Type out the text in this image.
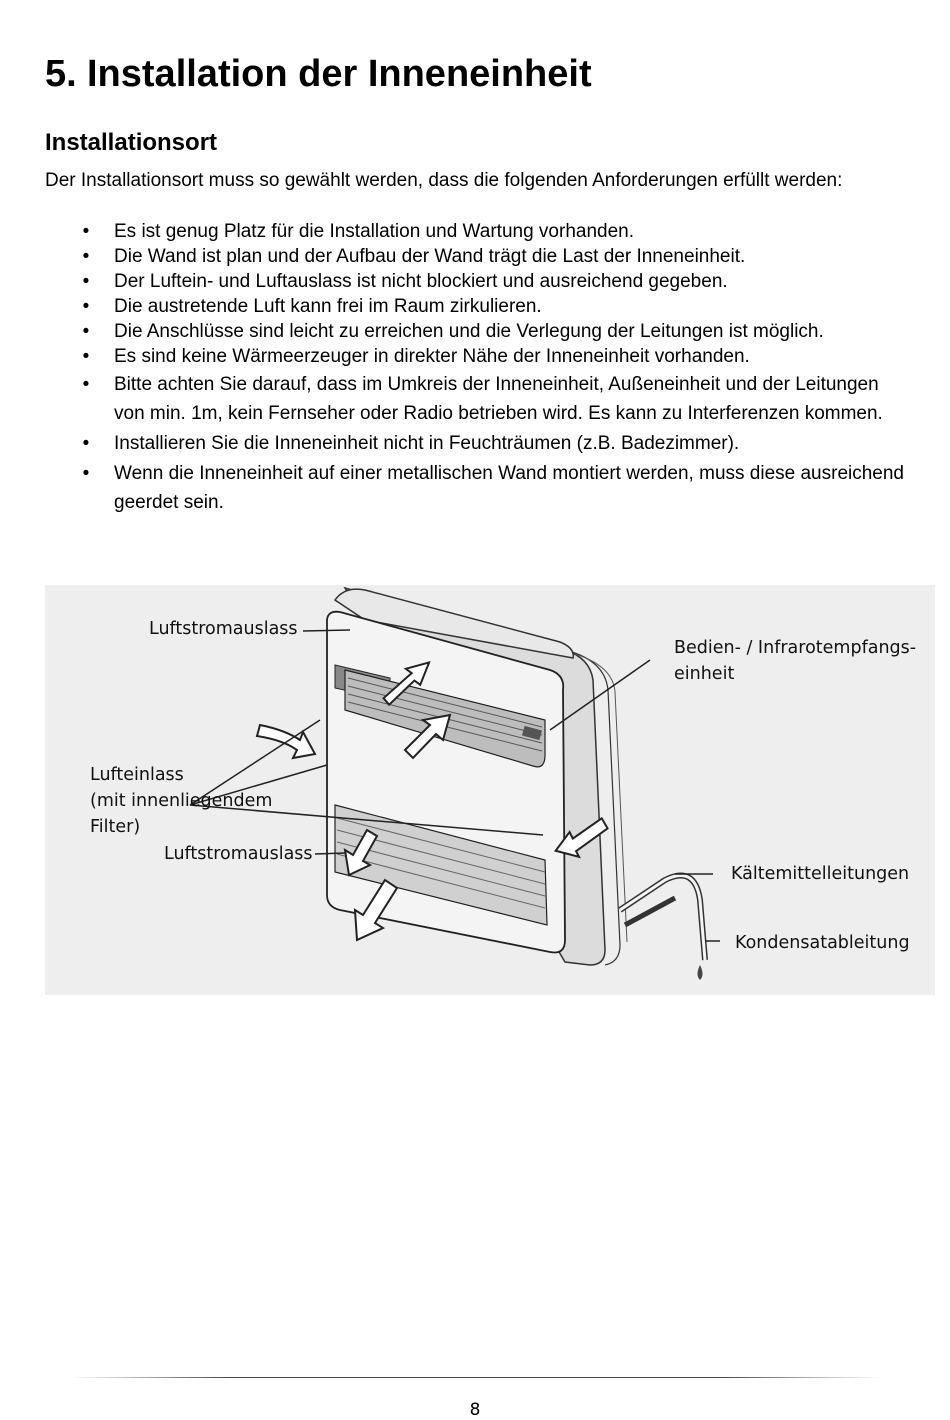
5. Installation der Inneneinheit
Installationsort

Der Installationsort muss so gewählt werden, dass die folgenden Anforderungen erfüllt werden:

• Es ist genug Platz für die Installation und Wartung vorhanden.
• Die Wand ist plan und der Aufbau der Wand trägt die Last der Inneneinheit.
• Der Luftein- und Luftauslass ist nicht blockiert und ausreichend gegeben.
• Die austretende Luft kann frei im Raum zirkulieren.
• Die Anschlüsse sind leicht zu erreichen und die Verlegung der Leitungen ist möglich.
• Es sind keine Wärmeerzeuger in direkter Nähe der Inneneinheit vorhanden.
• Bitte achten Sie darauf, dass im Umkreis der Inneneinheit, Außeneinheit und der Leitungen von min. 1m, kein Fernseher oder Radio betrieben wird. Es kann zu Interferenzen kommen.
• Installieren Sie die Inneneinheit nicht in Feuchträumen (z.B. Badezimmer).
• Wenn die Inneneinheit auf einer metallischen Wand montiert werden, muss diese ausreichend geerdet sein.
Luftstromauslass
Bedien- / Infrarotempfangs-
einheit
Lufteinlass
(mit innenliegendem
Filter)
Luftstromauslass
Kältemittelleitungen
Kondensatableitung
8
